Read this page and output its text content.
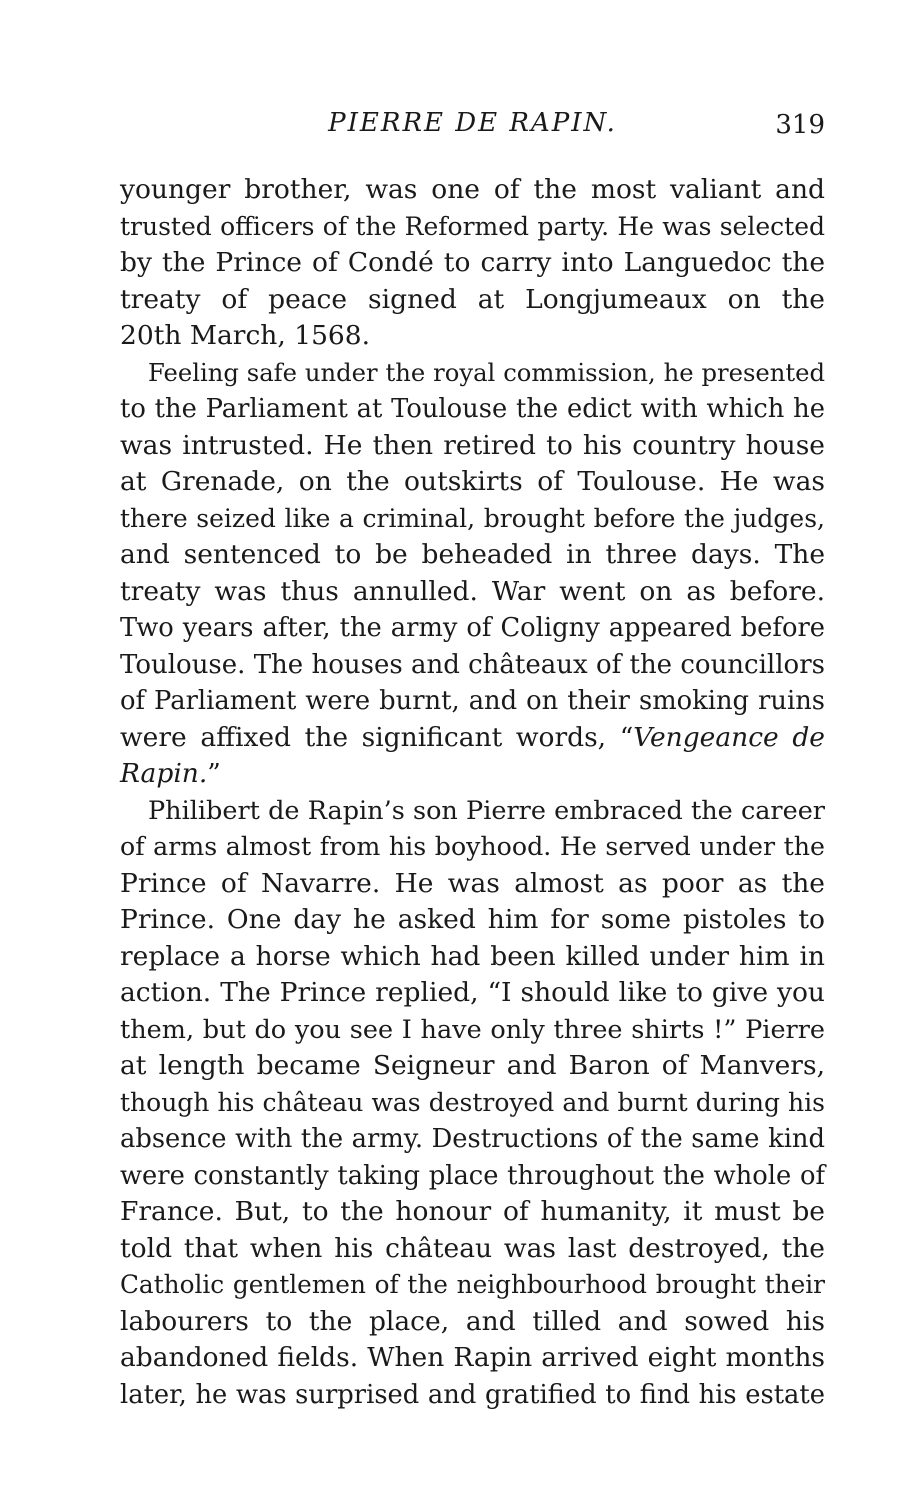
PIERRE DE RAPIN.	319
younger brother, was one of the most valiant and
trusted officers of the Reformed party. He was selected
by the Prince of Condé to carry into Languedoc the
treaty of peace signed at Longjumeaux on the
20th March, 1568.
Feeling safe under the royal commission, he presented
to the Parliament at Toulouse the edict with which he
was intrusted. He then retired to his country house
at Grenade, on the outskirts of Toulouse. He was
there seized like a criminal, brought before the judges,
and sentenced to be beheaded in three days. The
treaty was thus annulled. War went on as before.
Two years after, the army of Coligny appeared before
Toulouse. The houses and châteaux of the councillors
of Parliament were burnt, and on their smoking ruins
were affixed the significant words, “Vengeance de
Rapin.”
Philibert de Rapin’s son Pierre embraced the career
of arms almost from his boyhood. He served under the
Prince of Navarre. He was almost as poor as the
Prince. One day he asked him for some pistoles to
replace a horse which had been killed under him in
action. The Prince replied, “I should like to give you
them, but do you see I have only three shirts !” Pierre
at length became Seigneur and Baron of Manvers,
though his château was destroyed and burnt during his
absence with the army. Destructions of the same kind
were constantly taking place throughout the whole of
France. But, to the honour of humanity, it must be
told that when his château was last destroyed, the
Catholic gentlemen of the neighbourhood brought their
labourers to the place, and tilled and sowed his
abandoned fields. When Rapin arrived eight months
later, he was surprised and gratified to find his estate
